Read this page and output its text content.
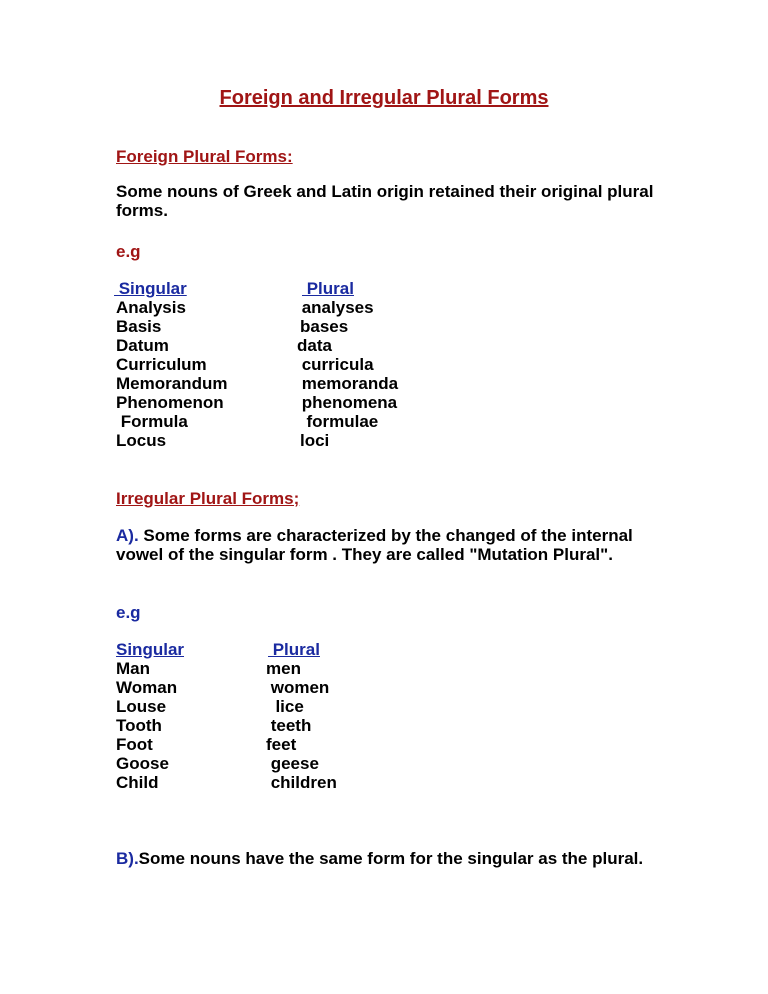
Foreign and Irregular Plural Forms
Foreign Plural Forms:
Some nouns of Greek and Latin origin retained their original plural forms.
e.g
Singular	Plural
Analysis
Basis
Datum
Curriculum
Memorandum
Phenomenon
Formula
Locus
analyses
bases
data
curricula
memoranda
phenomena
formulae
loci
Irregular Plural Forms;
A). Some forms are characterized by the changed of the internal vowel of the singular form . They are called "Mutation Plural".
e.g
Singular	Plural
Man
Woman
Louse
Tooth
Foot
Goose
Child
men
women
lice
teeth
feet
geese
children
B).Some nouns have the same form for the singular as the plural.
